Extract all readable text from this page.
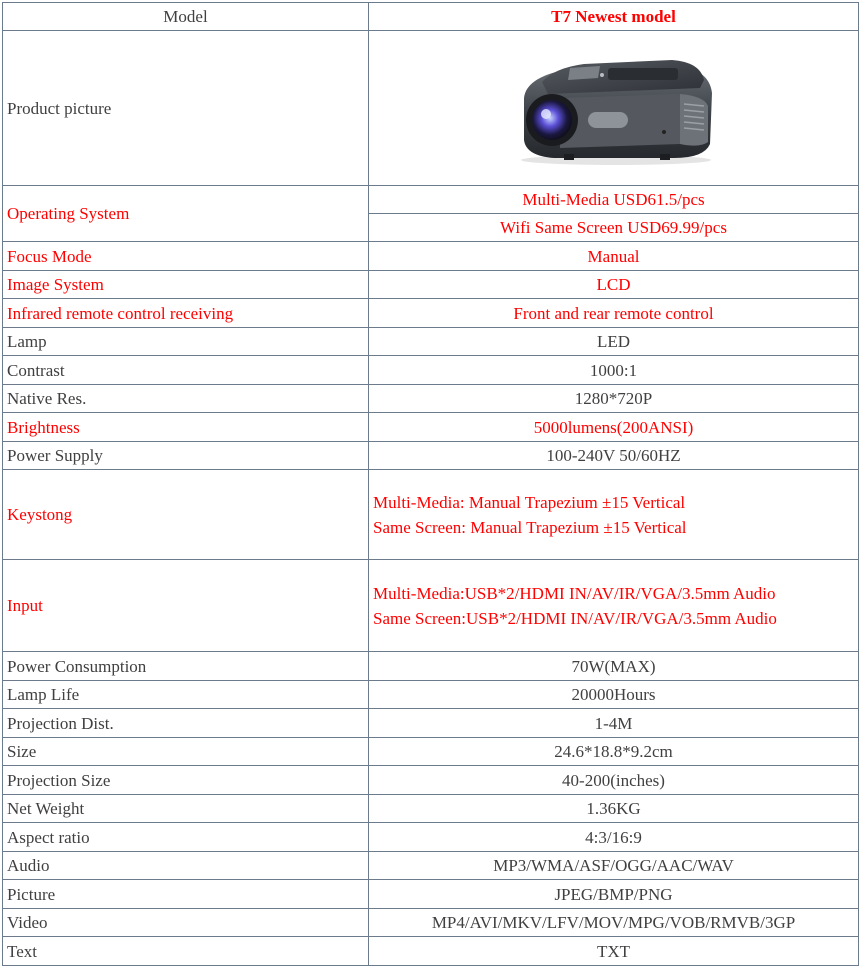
Model	T7 Newest model
Product picture	

Operating System	Multi-Media USD61.5/pcs
	Wifi Same Screen USD69.99/pcs
Focus Mode	Manual
Image System	LCD
Infrared remote control receiving	Front and rear remote control
Lamp	LED
Contrast	1000:1
Native Res.	1280*720P
Brightness	5000lumens(200ANSI)
Power Supply	100-240V 50/60HZ
Keystong	Multi-Media: Manual Trapezium ±15 Vertical
Same Screen: Manual Trapezium ±15 Vertical

Input	Multi-Media:USB*2/HDMI IN/AV/IR/VGA/3.5mm Audio
Same Screen:USB*2/HDMI IN/AV/IR/VGA/3.5mm Audio

Power Consumption	70W(MAX)
Lamp Life	20000Hours
Projection Dist.	1-4M
Size	24.6*18.8*9.2cm
Projection Size	40-200(inches)
Net Weight	1.36KG
Aspect ratio	4:3/16:9
Audio	MP3/WMA/ASF/OGG/AAC/WAV
Picture	JPEG/BMP/PNG
Video	MP4/AVI/MKV/LFV/MOV/MPG/VOB/RMVB/3GP
Text	TXT
